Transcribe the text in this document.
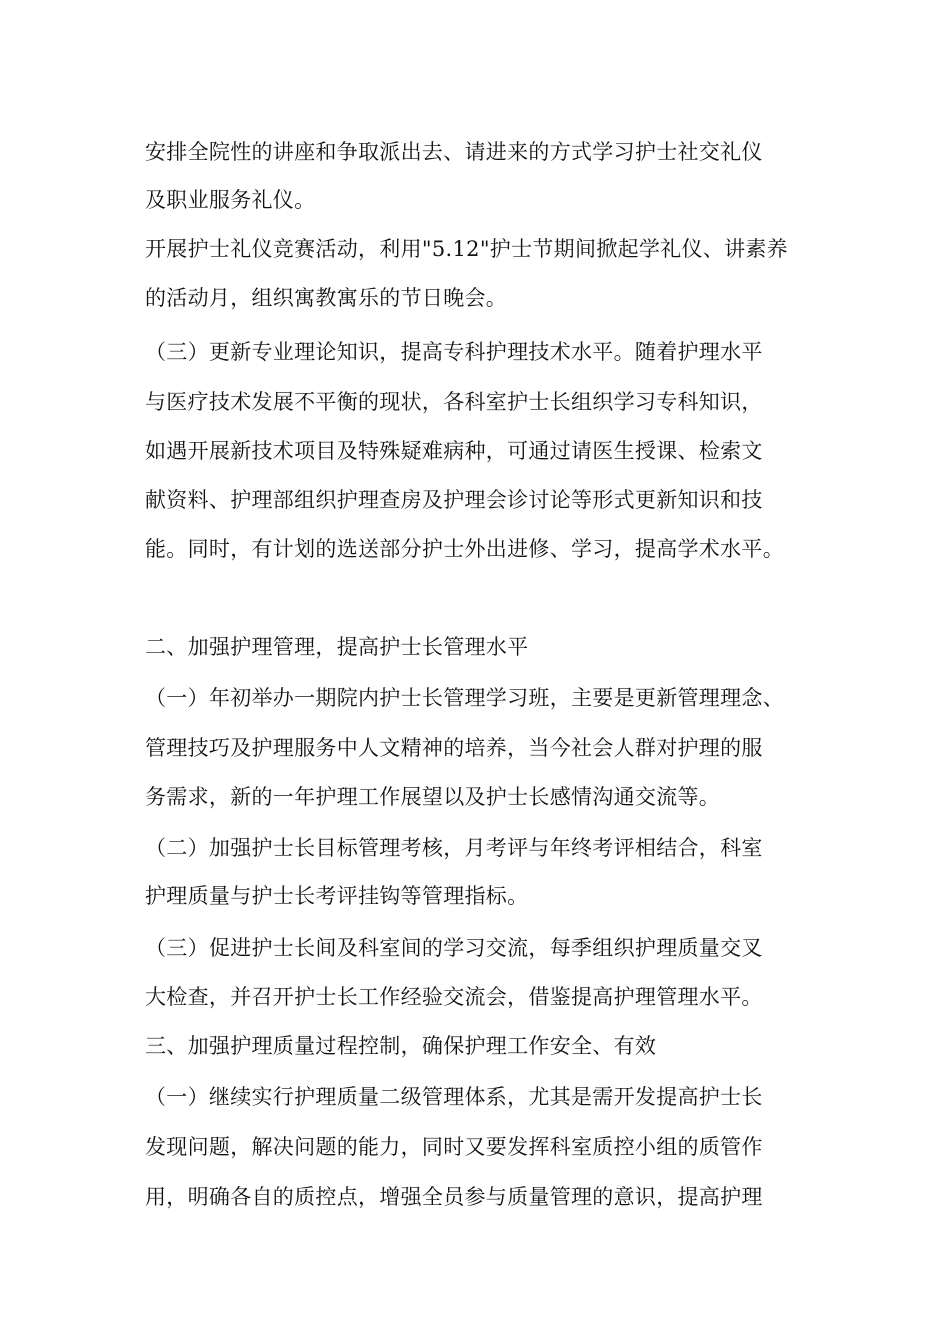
安排全院性的讲座和争取派出去、请进来的方式学习护士社交礼仪
及职业服务礼仪。
开展护士礼仪竞赛活动，利用"5.12"护士节期间掀起学礼仪、讲素养
的活动月，组织寓教寓乐的节日晚会。
（三）更新专业理论知识，提高专科护理技术水平。随着护理水平
与医疗技术发展不平衡的现状，各科室护士长组织学习专科知识，
如遇开展新技术项目及特殊疑难病种，可通过请医生授课、检索文
献资料、护理部组织护理查房及护理会诊讨论等形式更新知识和技
能。同时，有计划的选送部分护士外出进修、学习，提高学术水平。
二、加强护理管理，提高护士长管理水平
（一）年初举办一期院内护士长管理学习班，主要是更新管理理念、
管理技巧及护理服务中人文精神的培养，当今社会人群对护理的服
务需求，新的一年护理工作展望以及护士长感情沟通交流等。
（二）加强护士长目标管理考核，月考评与年终考评相结合，科室
护理质量与护士长考评挂钩等管理指标。
（三）促进护士长间及科室间的学习交流，每季组织护理质量交叉
大检查，并召开护士长工作经验交流会，借鉴提高护理管理水平。
三、加强护理质量过程控制，确保护理工作安全、有效
（一）继续实行护理质量二级管理体系，尤其是需开发提高护士长
发现问题，解决问题的能力，同时又要发挥科室质控小组的质管作
用，明确各自的质控点，增强全员参与质量管理的意识，提高护理
